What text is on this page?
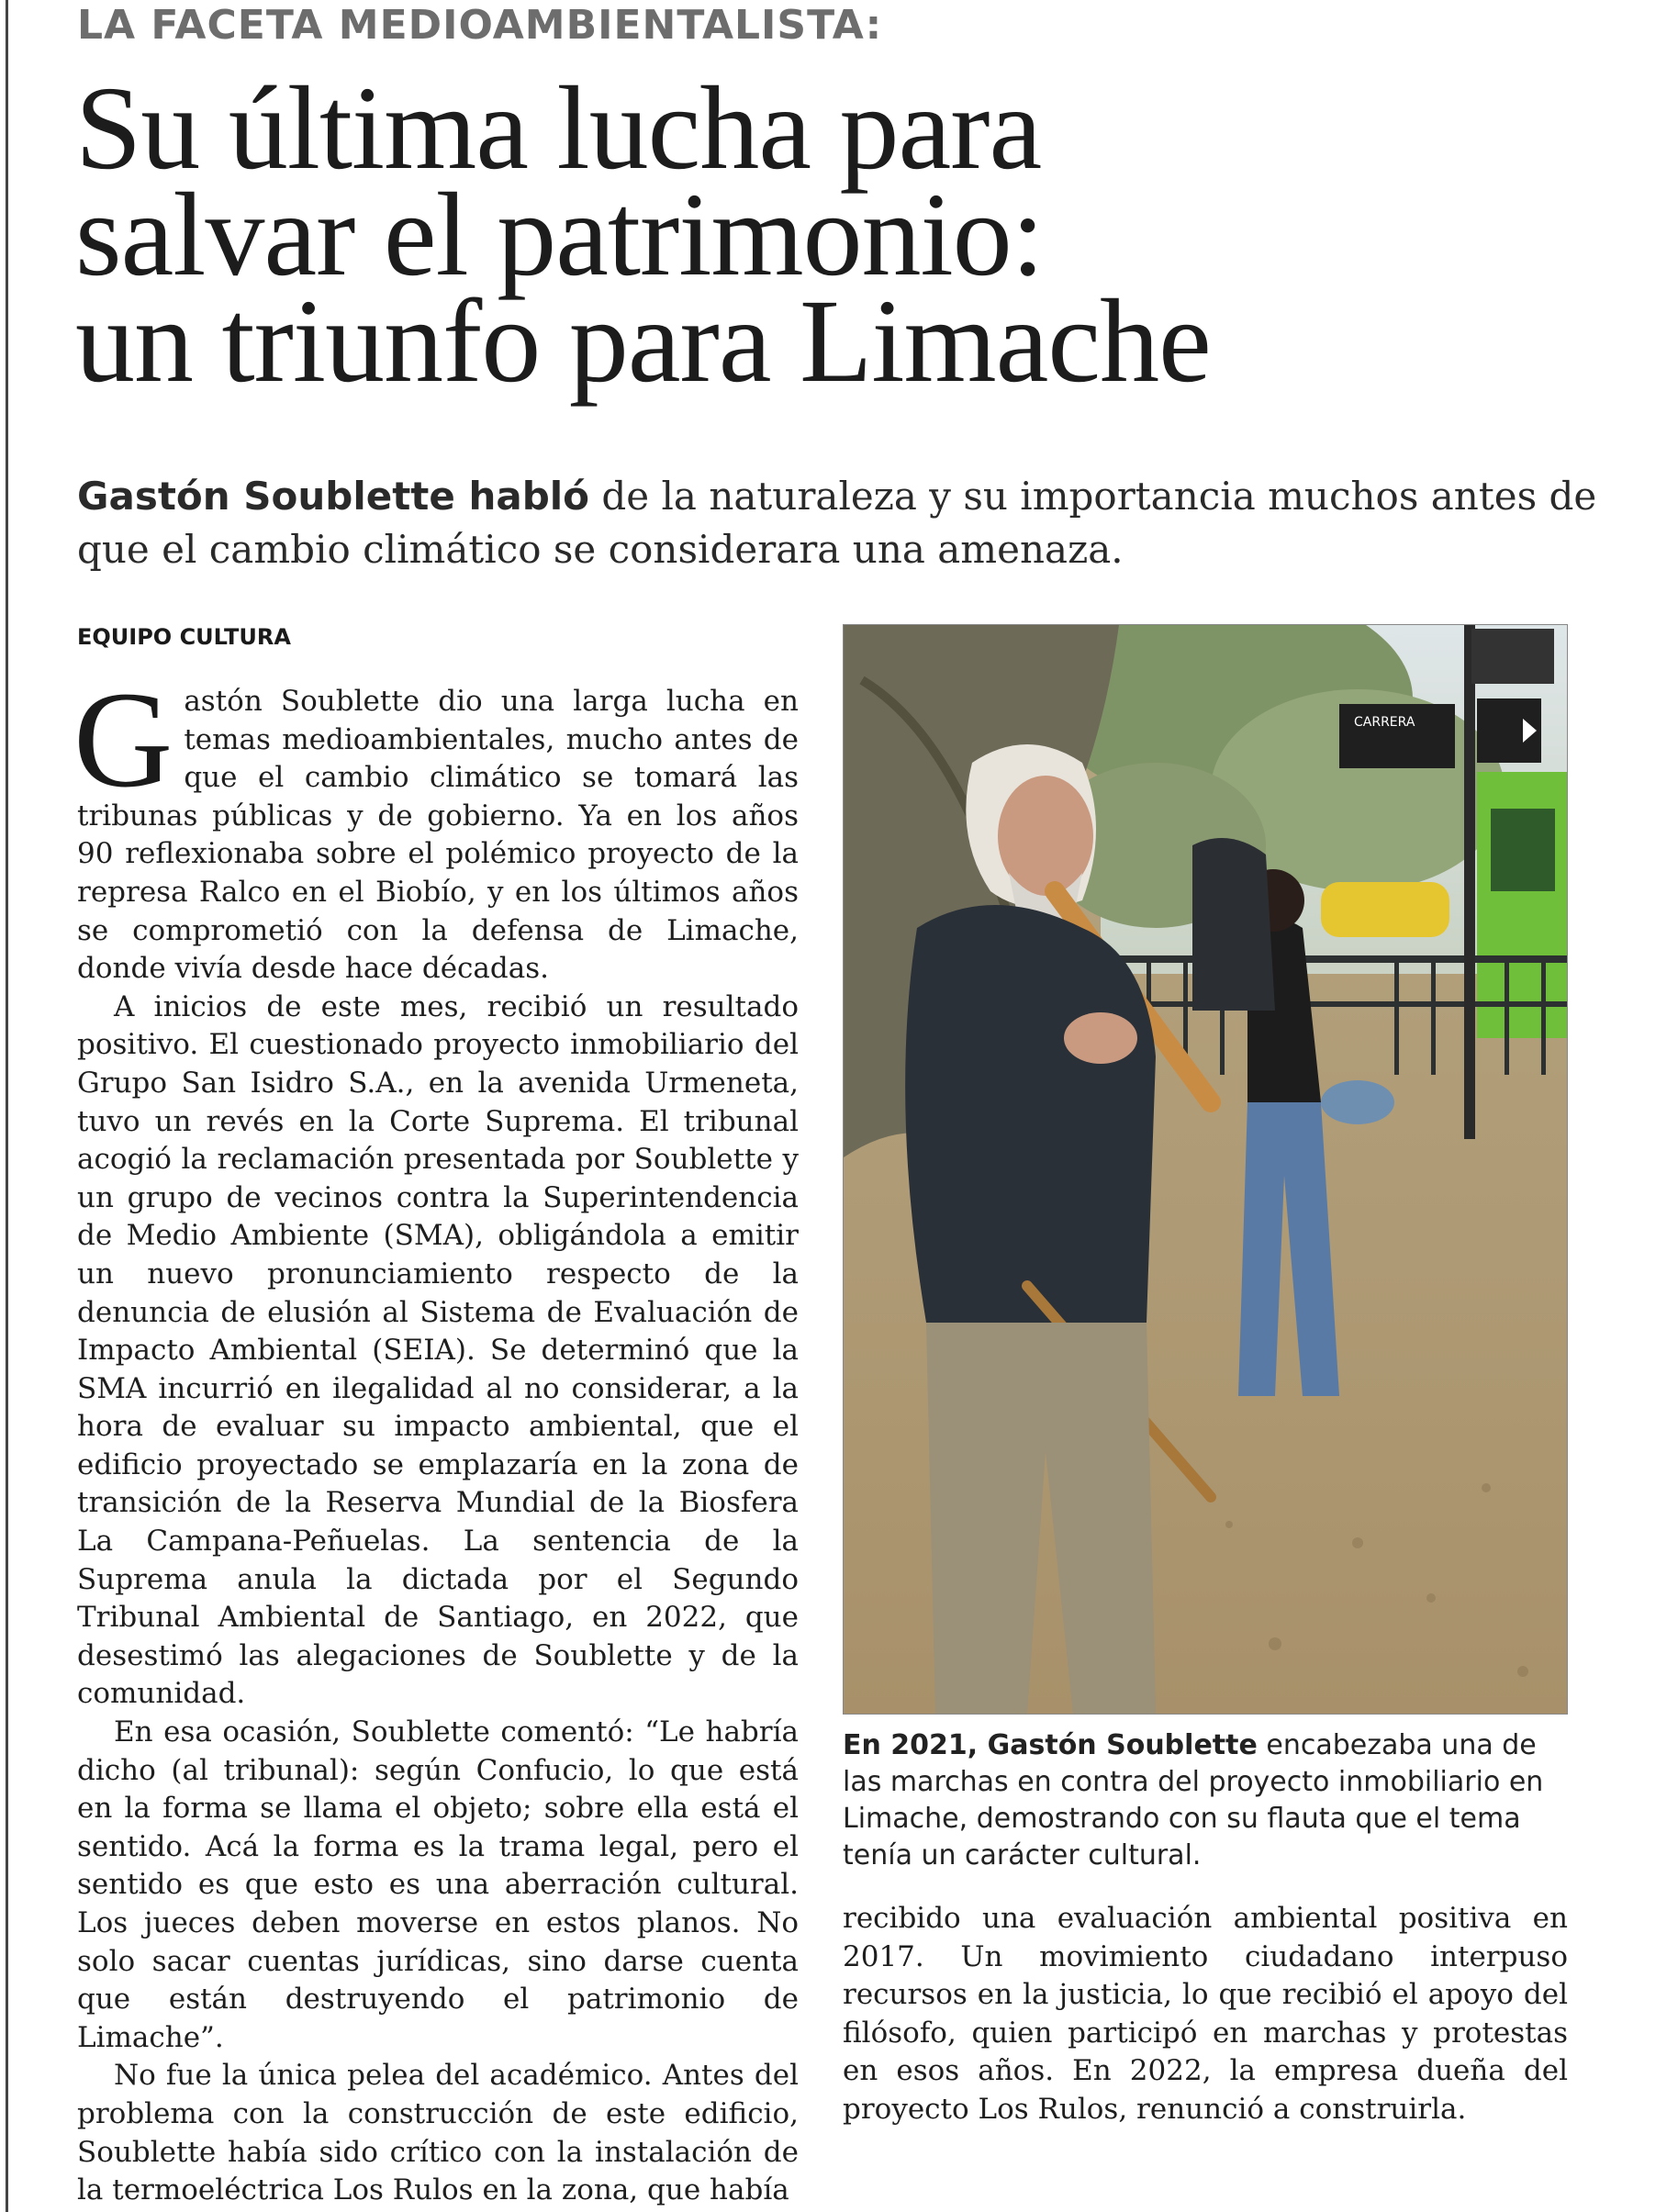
LA FACETA MEDIOAMBIENTALISTA:
Su última lucha para
salvar el patrimonio:
un triunfo para Limache
Gastón Soublette habló de la naturaleza y su importancia muchos antes de que el cambio climático se considerara una amenaza.
EQUIPO CULTURA

Gastón Soublette dio una larga lucha en temas medioambientales, mucho antes de que el cambio climático se tomará las tribunas públicas y de gobierno. Ya en los años 90 reflexionaba sobre el polémico proyecto de la represa Ralco en el Biobío, y en los últimos años se comprometió con la defensa de Limache, donde vivía desde hace décadas.

A inicios de este mes, recibió un resultado positivo. El cuestionado proyecto inmobiliario del Grupo San Isidro S.A., en la avenida Urmeneta, tuvo un revés en la Corte Suprema. El tribunal acogió la reclamación presentada por Soublette y un grupo de vecinos contra la Superintendencia de Medio Ambiente (SMA), obligándola a emitir un nuevo pronunciamiento respecto de la denuncia de elusión al Sistema de Evaluación de Impacto Ambiental (SEIA). Se determinó que la SMA incurrió en ilegalidad al no considerar, a la hora de evaluar su impacto ambiental, que el edificio proyectado se emplazaría en la zona de transición de la Reserva Mundial de la Biosfera La Campana-Peñuelas. La sentencia de la Suprema anula la dictada por el Segundo Tribunal Ambiental de Santiago, en 2022, que desestimó las alegaciones de Soublette y de la comunidad.

En esa ocasión, Soublette comentó: “Le habría dicho (al tribunal): según Confucio, lo que está en la forma se llama el objeto; sobre ella está el sentido. Acá la forma es la trama legal, pero el sentido es que esto es una aberración cultural. Los jueces deben moverse en estos planos. No solo sacar cuentas jurídicas, sino darse cuenta que están destruyendo el patrimonio de Limache”.

No fue la única pelea del académico. Antes del problema con la construcción de este edificio, Soublette había sido crítico con la instalación de la termoeléctrica Los Rulos en la zona, que había

CARRERA
En 2021, Gastón Soublette encabezaba una de las marchas en contra del proyecto inmobiliario en Limache, demostrando con su flauta que el tema tenía un carácter cultural.

recibido una evaluación ambiental positiva en 2017. Un movimiento ciudadano interpuso recursos en la justicia, lo que recibió el apoyo del filósofo, quien participó en marchas y protestas en esos años. En 2022, la empresa dueña del proyecto Los Rulos, renunció a construirla.
